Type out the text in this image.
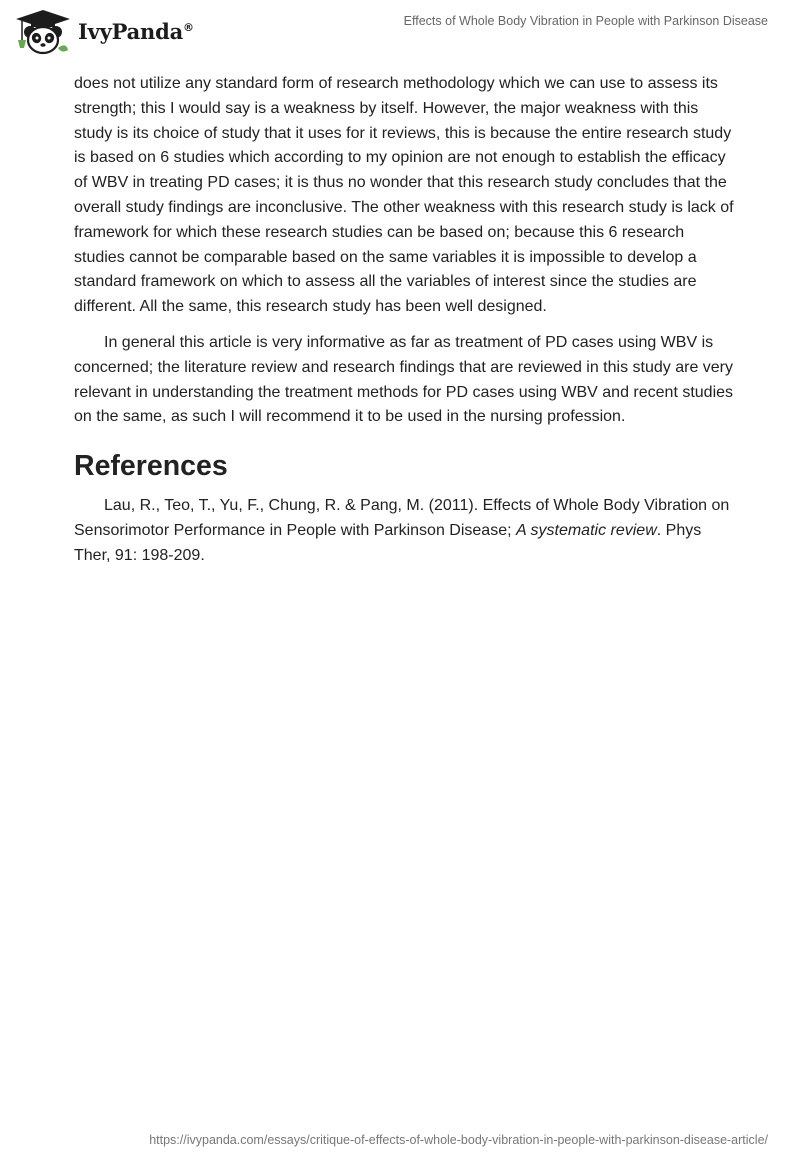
IvyPanda®	Effects of Whole Body Vibration in People with Parkinson Disease

does not utilize any standard form of research methodology which we can use to assess its strength; this I would say is a weakness by itself. However, the major weakness with this study is its choice of study that it uses for it reviews, this is because the entire research study is based on 6 studies which according to my opinion are not enough to establish the efficacy of WBV in treating PD cases; it is thus no wonder that this research study concludes that the overall study findings are inconclusive. The other weakness with this research study is lack of framework for which these research studies can be based on; because this 6 research studies cannot be comparable based on the same variables it is impossible to develop a standard framework on which to assess all the variables of interest since the studies are different. All the same, this research study has been well designed.

In general this article is very informative as far as treatment of PD cases using WBV is concerned; the literature review and research findings that are reviewed in this study are very relevant in understanding the treatment methods for PD cases using WBV and recent studies on the same, as such I will recommend it to be used in the nursing profession.

References

Lau, R., Teo, T., Yu, F., Chung, R. & Pang, M. (2011). Effects of Whole Body Vibration on Sensorimotor Performance in People with Parkinson Disease; A systematic review. Phys Ther, 91: 198-209.

https://ivypanda.com/essays/critique-of-effects-of-whole-body-vibration-in-people-with-parkinson-disease-article/
